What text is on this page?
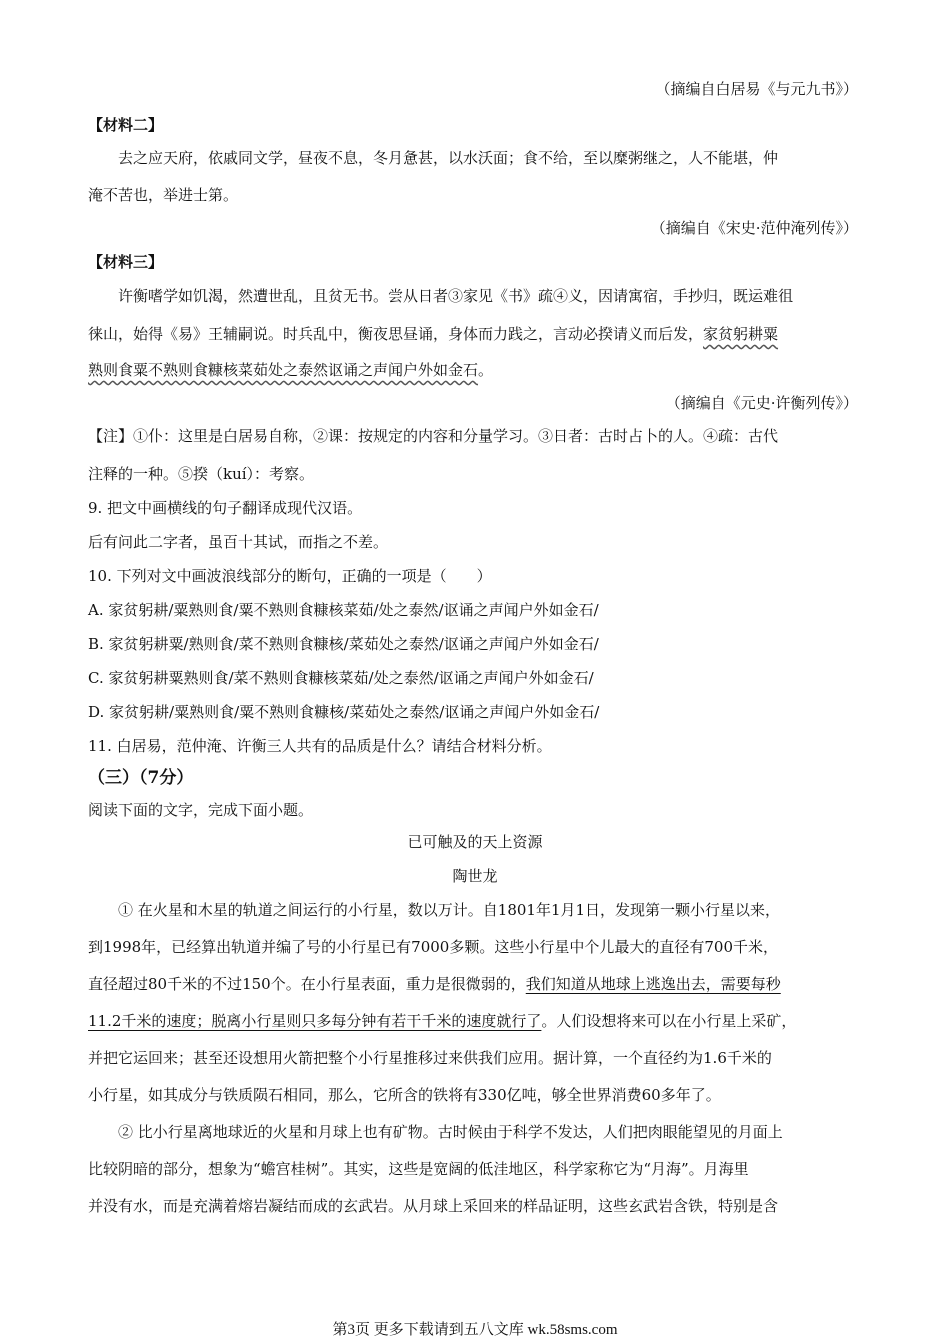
（摘编自白居易《与元九书》）
【材料二】
去之应天府，依戚同文学，昼夜不息，冬月惫甚，以水沃面；食不给，至以糜粥继之，人不能堪，仲
淹不苦也，举进士第。
（摘编自《宋史·范仲淹列传》）
【材料三】
许衡嗜学如饥渴，然遭世乱，且贫无书。尝从日者③家见《书》疏④义，因请寓宿，手抄归，既运难徂
徕山，始得《易》王辅嗣说。时兵乱中，衡夜思昼诵，身体而力践之，言动必揆请义而后发，家贫躬耕粟
熟则食粟不熟则食糠核菜茹处之泰然讴诵之声闻户外如金石。
（摘编自《元史·许衡列传》）
【注】①仆：这里是白居易自称，②课：按规定的内容和分量学习。③日者：古时占卜的人。④疏：古代
注释的一种。⑤揆（kuí）：考察。
9. 把文中画横线的句子翻译成现代汉语。
后有问此二字者，虽百十其试，而指之不差。
10. 下列对文中画波浪线部分的断句，正确的一项是（　　）
A. 家贫躬耕/粟熟则食/粟不熟则食糠核菜茹/处之泰然/讴诵之声闻户外如金石/
B. 家贫躬耕粟/熟则食/菜不熟则食糠核/菜茹处之泰然/讴诵之声闻户外如金石/
C. 家贫躬耕粟熟则食/菜不熟则食糠核菜茹/处之泰然/讴诵之声闻户外如金石/
D. 家贫躬耕/粟熟则食/粟不熟则食糠核/菜茹处之泰然/讴诵之声闻户外如金石/
11. 白居易，范仲淹、许衡三人共有的品质是什么？请结合材料分析。
（三）（7分）
阅读下面的文字，完成下面小题。
已可触及的天上资源
陶世龙
① 在火星和木星的轨道之间运行的小行星，数以万计。自1801年1月1日，发现第一颗小行星以来，
到1998年，已经算出轨道并编了号的小行星已有7000多颗。这些小行星中个儿最大的直径有700千米，
直径超过80千米的不过150个。在小行星表面，重力是很微弱的，我们知道从地球上逃逸出去，需要每秒
11.2千米的速度；脱离小行星则只多每分钟有若干千米的速度就行了。人们设想将来可以在小行星上采矿，
并把它运回来；甚至还设想用火箭把整个小行星推移过来供我们应用。据计算，一个直径约为1.6千米的
小行星，如其成分与铁质陨石相同，那么，它所含的铁将有330亿吨，够全世界消费60多年了。
② 比小行星离地球近的火星和月球上也有矿物。古时候由于科学不发达，人们把肉眼能望见的月面上
比较阴暗的部分，想象为“蟾宫桂树”。其实，这些是宽阔的低洼地区，科学家称它为“月海”。月海里
并没有水，而是充满着熔岩凝结而成的玄武岩。从月球上采回来的样品证明，这些玄武岩含铁，特别是含
第3页 更多下载请到五八文库 wk.58sms.com
